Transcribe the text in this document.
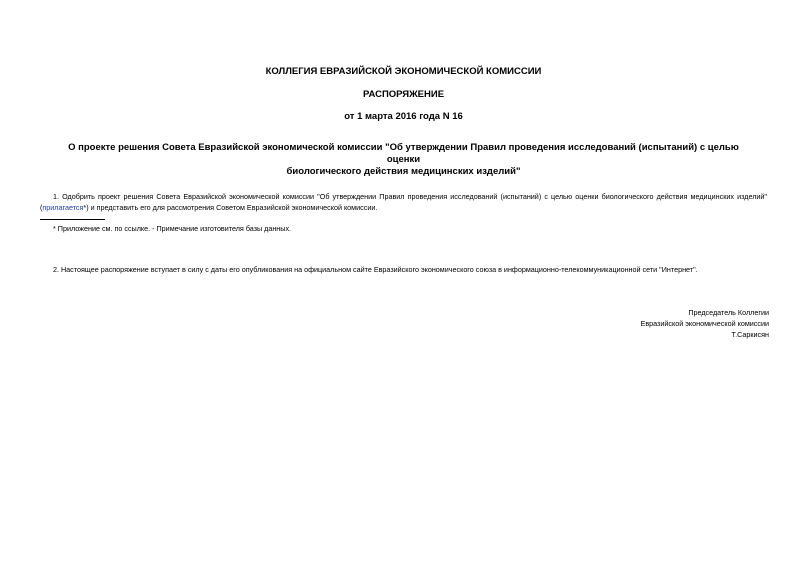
КОЛЛЕГИЯ ЕВРАЗИЙСКОЙ ЭКОНОМИЧЕСКОЙ КОМИССИИ
РАСПОРЯЖЕНИЕ
от 1 марта 2016 года N 16
О проекте решения Совета Евразийской экономической комиссии "Об утверждении Правил проведения исследований (испытаний) с целью оценки
биологического действия медицинских изделий"
1. Одобрить проект решения Совета Евразийской экономической комиссии "Об утверждении Правил проведения исследований (испытаний) с целью оценки биологического действия медицинских изделий" (прилагается*) и представить его для рассмотрения Советом Евразийской экономической комиссии.
* Приложение см. по ссылке. - Примечание изготовителя базы данных.
2. Настоящее распоряжение вступает в силу с даты его опубликования на официальном сайте Евразийского экономического союза в информационно-телекоммуникационной сети "Интернет".
Председатель Коллегии
Евразийской экономической комиссии
Т.Саркисян
